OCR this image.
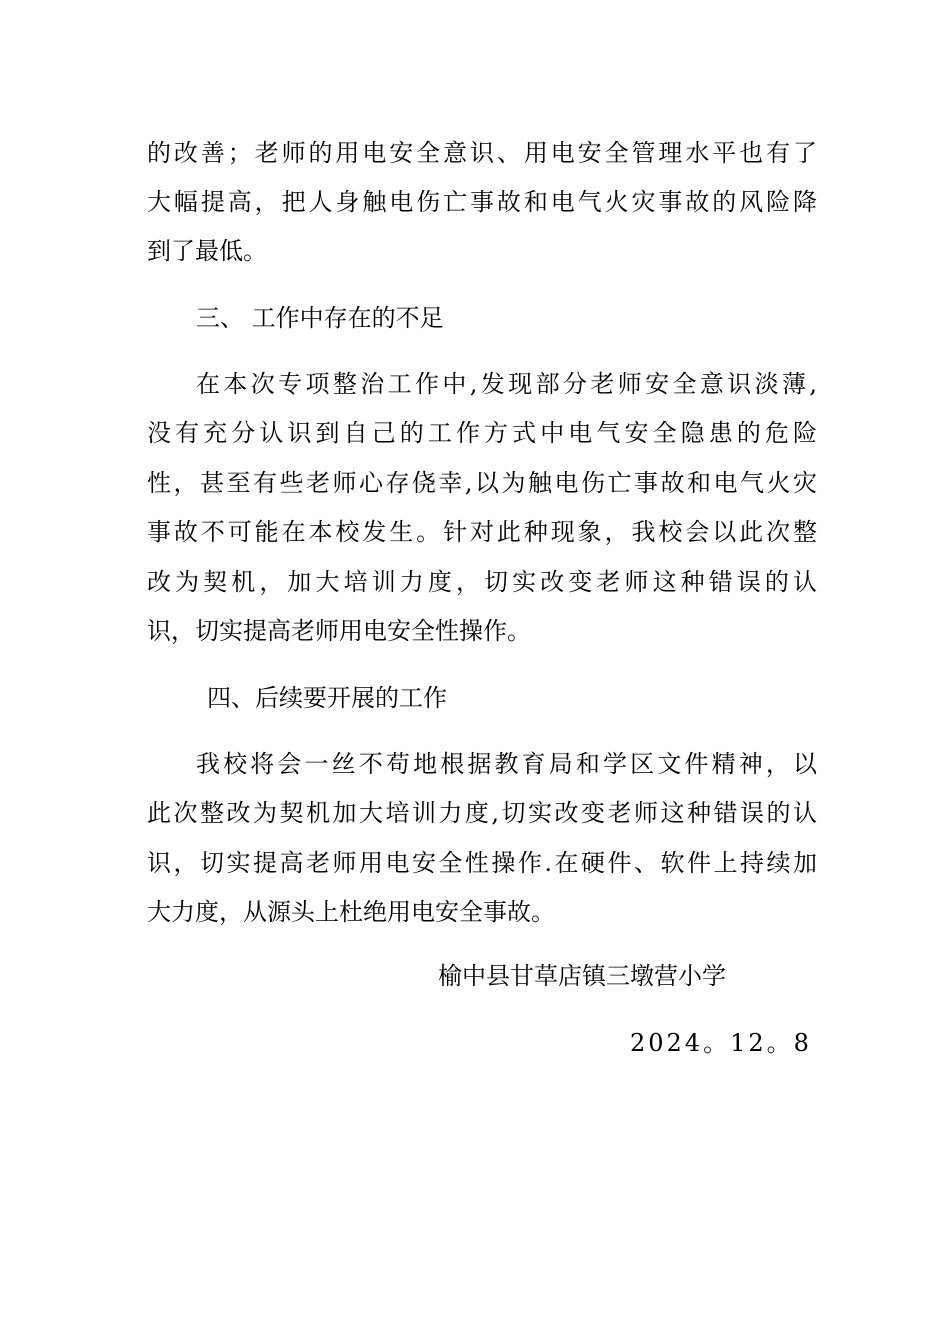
的改善；老师的用电安全意识、用电安全管理水平也有了
大幅提高，把人身触电伤亡事故和电气火灾事故的风险降
到了最低。
三、 工作中存在的不足
在本次专项整治工作中,发现部分老师安全意识淡薄,
没有充分认识到自己的工作方式中电气安全隐患的危险
性，甚至有些老师心存侥幸,以为触电伤亡事故和电气火灾
事故不可能在本校发生。针对此种现象，我校会以此次整
改为契机，加大培训力度，切实改变老师这种错误的认
识，切实提高老师用电安全性操作。
四、后续要开展的工作
我校将会一丝不苟地根据教育局和学区文件精神，以
此次整改为契机加大培训力度,切实改变老师这种错误的认
识，切实提高老师用电安全性操作.在硬件、软件上持续加
大力度，从源头上杜绝用电安全事故。
榆中县甘草店镇三墩营小学
2024。12。8
